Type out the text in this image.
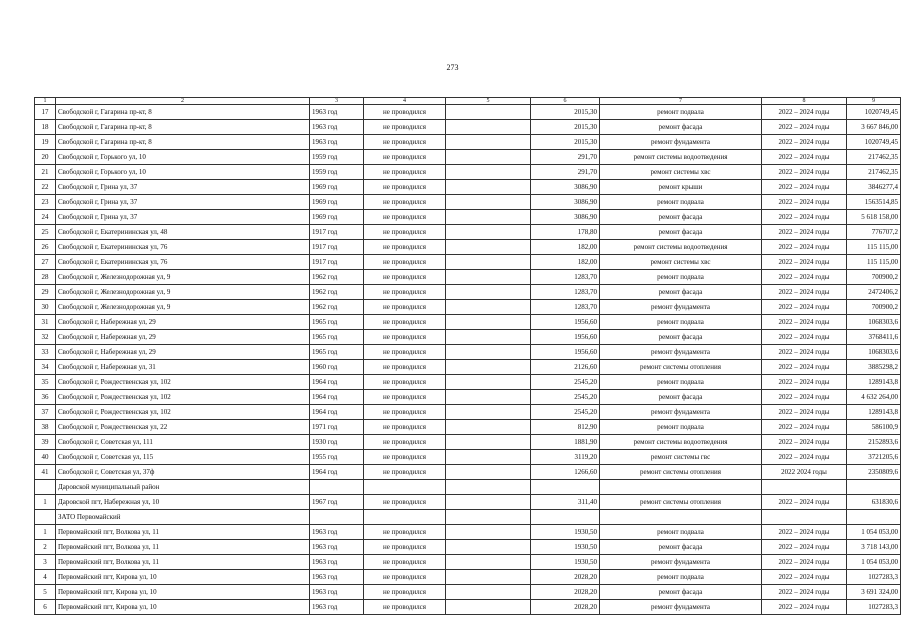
273
1	2	3	4	5	6	7	8	9
17	Свободской г, Гагарина пр-кт, 8	1963 год	не проводился		2015,30	ремонт подвала	2022 – 2024 годы	1020749,45
18	Свободской г, Гагарина пр-кт, 8	1963 год	не проводился		2015,30	ремонт фасада	2022 – 2024 годы	3 667 846,00
19	Свободской г, Гагарина пр-кт, 8	1963 год	не проводился		2015,30	ремонт фундамента	2022 – 2024 годы	1020749,45
20	Свободской г, Горького ул, 10	1959 год	не проводился		291,70	ремонт системы водоотведения	2022 – 2024 годы	217462,35
21	Свободской г, Горького ул, 10	1959 год	не проводился		291,70	ремонт системы хвс	2022 – 2024 годы	217462,35
22	Свободской г, Грина ул, 37	1969 год	не проводился		3086,90	ремонт крыши	2022 – 2024 годы	3846277,4
23	Свободской г, Грина ул, 37	1969 год	не проводился		3086,90	ремонт подвала	2022 – 2024 годы	1563514,85
24	Свободской г, Грина ул, 37	1969 год	не проводился		3086,90	ремонт фасада	2022 – 2024 годы	5 618 158,00
25	Свободской г, Екатерининская ул, 48	1917 год	не проводился		178,80	ремонт фасада	2022 – 2024 годы	776707,2
26	Свободской г, Екатерининская ул, 76	1917 год	не проводился		182,00	ремонт системы водоотведения	2022 – 2024 годы	115 115,00
27	Свободской г, Екатерининская ул, 76	1917 год	не проводился		182,00	ремонт системы хвс	2022 – 2024 годы	115 115,00
28	Свободской г, Железнодорожная ул, 9	1962 год	не проводился		1283,70	ремонт подвала	2022 – 2024 годы	700900,2
29	Свободской г, Железнодорожная ул, 9	1962 год	не проводился		1283,70	ремонт фасада	2022 – 2024 годы	2472406,2
30	Свободской г, Железнодорожная ул, 9	1962 год	не проводился		1283,70	ремонт фундамента	2022 – 2024 годы	700900,2
31	Свободской г, Набережная ул, 29	1965 год	не проводился		1956,60	ремонт подвала	2022 – 2024 годы	1068303,6
32	Свободской г, Набережная ул, 29	1965 год	не проводился		1956,60	ремонт фасада	2022 – 2024 годы	3768411,6
33	Свободской г, Набережная ул, 29	1965 год	не проводился		1956,60	ремонт фундамента	2022 – 2024 годы	1068303,6
34	Свободской г, Набережная ул, 31	1960 год	не проводился		2126,60	ремонт системы отопления	2022 – 2024 годы	3885298,2
35	Свободской г, Рождественская ул, 102	1964 год	не проводился		2545,20	ремонт подвала	2022 – 2024 годы	1289143,8
36	Свободской г, Рождественская ул, 102	1964 год	не проводился		2545,20	ремонт фасада	2022 – 2024 годы	4 632 264,00
37	Свободской г, Рождественская ул, 102	1964 год	не проводился		2545,20	ремонт фундамента	2022 – 2024 годы	1289143,8
38	Свободской г, Рождественская ул, 22	1971 год	не проводился		812,90	ремонт подвала	2022 – 2024 годы	586100,9
39	Свободской г, Советская ул, 111	1930 год	не проводился		1881,90	ремонт системы водоотведения	2022 – 2024 годы	2152893,6
40	Свободской г, Советская ул, 115	1955 год	не проводился		3119,20	ремонт системы гвс	2022 – 2024 годы	3721205,6
41	Свободской г, Советская ул, 37ф	1964 год	не проводился		1266,60	ремонт системы отопления	2022 2024 годы	2350809,6
	Даровской муниципальный район							
1	Даровской пгт, Набережная ул, 10	1967 год	не проводился		311,40	ремонт системы отопления	2022 – 2024 годы	631830,6
	ЗАТО Первомайский							
1	Первомайский пгт, Волкова ул, 11	1963 год	не проводился		1930,50	ремонт подвала	2022 – 2024 годы	1 054 053,00
2	Первомайский пгт, Волкова ул, 11	1963 год	не проводился		1930,50	ремонт фасада	2022 – 2024 годы	3 718 143,00
3	Первомайский пгт, Волкова ул, 11	1963 год	не проводился		1930,50	ремонт фундамента	2022 – 2024 годы	1 054 053,00
4	Первомайский пгт, Кирова ул, 10	1963 год	не проводился		2028,20	ремонт подвала	2022 – 2024 годы	1027283,3
5	Первомайский пгт, Кирова ул, 10	1963 год	не проводился		2028,20	ремонт фасада	2022 – 2024 годы	3 691 324,00
6	Первомайский пгт, Кирова ул, 10	1963 год	не проводился		2028,20	ремонт фундамента	2022 – 2024 годы	1027283,3
